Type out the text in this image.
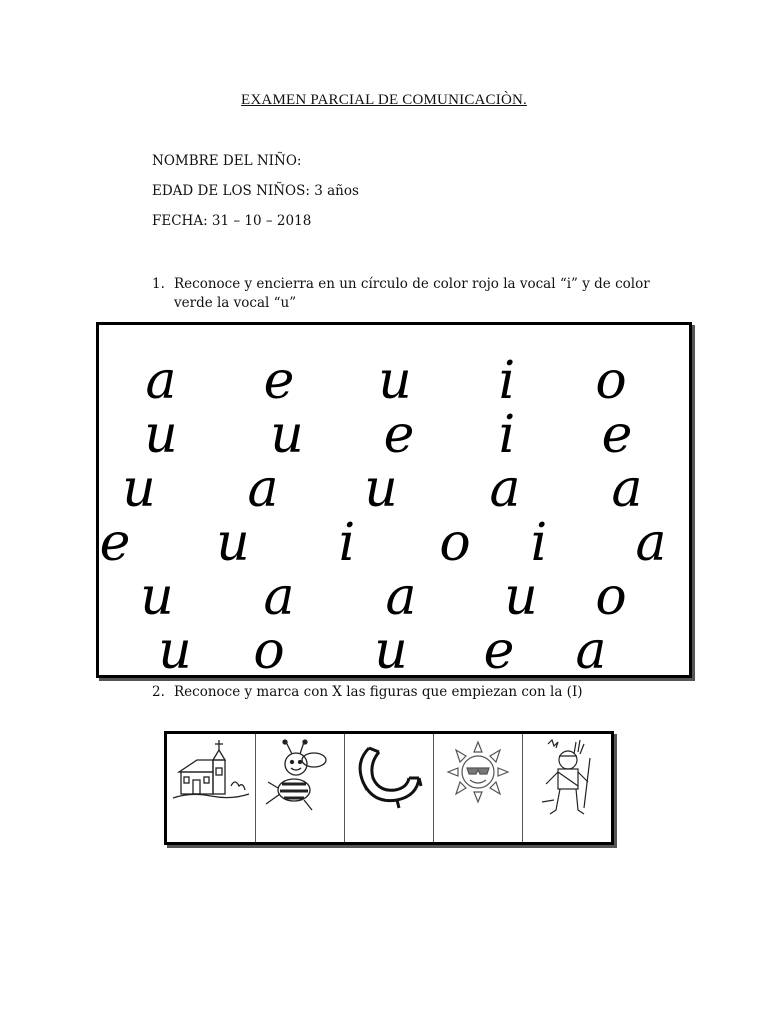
EXAMEN PARCIAL DE COMUNICACIÒN.
NOMBRE DEL NIÑO:
EDAD DE LOS NIÑOS: 3 años
FECHA: 31 – 10 – 2018
1. Reconoce y encierra en un círculo de color rojo la vocal “i” y de color
verde la vocal “u”
a e u i o
u u e i e
u a u a a
e u i o i a
u a a u o
u o u e a
2. Reconoce y marca con X las figuras que empiezan con la (I)
